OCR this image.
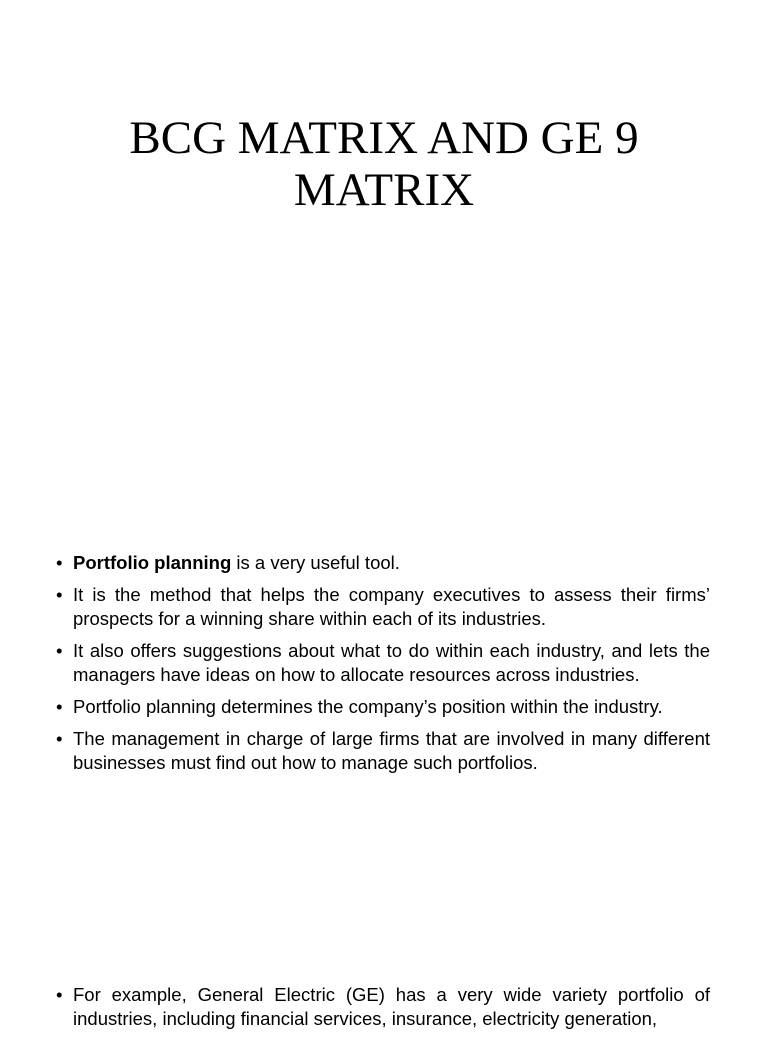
BCG MATRIX AND GE 9 MATRIX
• Portfolio planning is a very useful tool.
• It is the method that helps the company executives to assess their firms’ prospects for a winning share within each of its industries.
• It also offers suggestions about what to do within each industry, and lets the managers have ideas on how to allocate resources across industries.
• Portfolio planning determines the company’s position within the industry.
• The management in charge of large firms that are involved in many different businesses must find out how to manage such portfolios.
• For example, General Electric (GE) has a very wide variety portfolio of industries, including financial services, insurance, electricity generation,
